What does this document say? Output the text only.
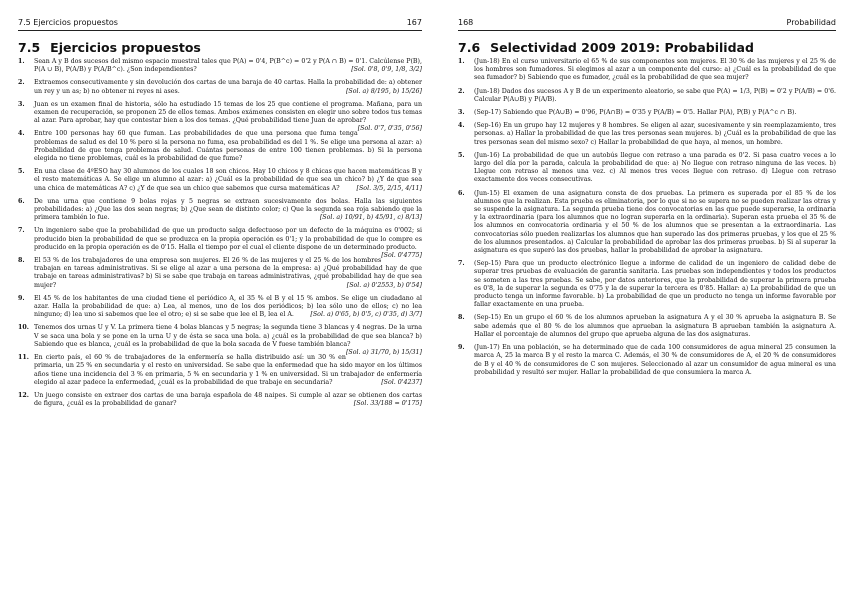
7.5 Ejercicios propuestos	167
7.5 Ejercicios propuestos
1. Sean A y B dos sucesos del mismo espacio muestral tales que P(A) = 0'4, P(B^c) = 0'2 y P(A ∩ B) = 0'1. Calcúlense P(B), P(A ∪ B), P(A/B) y P(A/B^c). ¿Son independientes?	[Sol. 0'8, 0'9, 1/8, 3/2]
2. Extraemos consecutivamente y sin devolución dos cartas de una baraja de 40 cartas. Halla la probabilidad de: a) obtener un rey y un as; b) no obtener ni reyes ni ases.	[Sol. a) 8/195, b) 15/26]
3. Juan es un examen final de historia, sólo ha estudiado 15 temas de los 25 que contiene el programa. Mañana, para un examen de recuperación, se proponen 25 de ellos temas. Ambos exámenes consisten en elegir uno sobre todos tus temas al azar. Para aprobar, hay que contestar bien a los dos temas. ¿Qué probabilidad tiene Juan de aprobar?
[Sol. 0'7, 0'35, 0'56]
4. Entre 100 personas hay 60 que fuman. Las probabilidades de que una persona que fuma tenga problemas de salud es del 10 % pero si la persona no fuma, esa probabilidad es del 1 %. Se elige una persona al azar: a) Probabilidad de que tenga problemas de salud. Cuántas personas de entre 100 tienen problemas. b) Si la persona elegida no tiene problemas, cuál es la probabilidad de que fume?
5. En una clase de 4ºESO hay 30 alumnos de los cuales 18 son chicos. Hay 10 chicos y 8 chicas que hacen matemáticas B y el resto matemáticas A. Se elige un alumno al azar: a) ¿Cuál es la probabilidad de que sea un chico? b) ¿Y de que sea una chica de matemáticas A? c) ¿Y de que sea un chico que sabemos que cursa matemáticas A?	[Sol. 3/5, 2/15, 4/11]
6. De una urna que contiene 9 bolas rojas y 5 negras se extraen sucesivamente dos bolas. Halla las siguientes probabilidades: a) ¿Que las dos sean negras; b) ¿Que sean de distinto color; c) Que la segunda sea roja sabiendo que la primera también lo fue.	[Sol. a) 10/91, b) 45/91, c) 8/13]
7. Un ingeniero sabe que la probabilidad de que un producto salga defectuoso por un defecto de la máquina es 0'002; si producido bien la probabilidad de que se produzca en la propia operación es 0'1; y la probabilidad de que lo compre es producido en la propia operación es de 0'15. Halla el tiempo por el cual el cliente dispone de un determinado producto.
[Sol. 0'4775]
8. El 53 % de los trabajadores de una empresa son mujeres. El 26 % de las mujeres y el 25 % de los hombres trabajan en tareas administrativas. Si se elige al azar a una persona de la empresa: a) ¿Qué probabilidad hay de que trabaje en tareas administrativas? b) Si se sabe que trabaja en tareas administrativas, ¿qué probabilidad hay de que sea mujer?	[Sol. a) 0'2553, b) 0'54]
9. El 45 % de los habitantes de una ciudad tiene el periódico A, el 35 % el B y el 15 % ambos. Se elige un ciudadano al azar. Halla la probabilidad de que: a) Lea, al menos, uno de los dos periódicos; b) lea sólo uno de ellos; c) no lea ninguno; d) lea uno si sabemos que lee el otro; e) si se sabe que lee el B, lea el A.	[Sol. a) 0'65, b) 0'5, c) 0'35, d) 3/7]
10. Tenemos dos urnas U y V. La primera tiene 4 bolas blancas y 5 negras; la segunda tiene 3 blancas y 4 negras. De la urna V se saca una bola y se pone en la urna U y de ésta se saca una bola. a) ¿cuál es la probabilidad de que sea blanca? b) Sabiendo que es blanca, ¿cuál es la probabilidad de que la bola sacada de V fuese también blanca?
[Sol. a) 31/70, b) 15/31]
11. En cierto país, el 60 % de trabajadores de la enfermería se halla distribuido así: un 30 % en primaria, un 25 % en secundaria y el resto en universidad. Se sabe que la enfermedad que ha sido mayor en los últimos años tiene una incidencia del 3 % en primaria, 5 % en secundaria y 1 % en universidad. Si un trabajador de enfermería elegido al azar padece la enfermedad, ¿cuál es la probabilidad de que trabaje en secundaria?	[Sol. 0'4237]
12. Un juego consiste en extraer dos cartas de una baraja española de 48 naipes. Si cumple al azar se obtienen dos cartas de figura, ¿cuál es la probabilidad de ganar?	[Sol. 33/188 = 0'175]
168	Probabilidad
7.6 Selectividad 2009 2019: Probabilidad
1. (Jun-18) En el curso universitario el 65 % de sus componentes son mujeres. El 30 % de las mujeres y el 25 % de los hombres son fumadores. Si elegimos al azar a un componente del curso: a) ¿Cuál es la probabilidad de que sea fumador? b) Sabiendo que es fumador, ¿cuál es la probabilidad de que sea mujer?
2. (Jun-18) Dados dos sucesos A y B de un experimento aleatorio, se sabe que P(A) = 1/3, P(B) = 0'2 y P(A/B) = 0'6. Calcular P(A∪B) y P(A/B).
3. (Sep-17) Sabiendo que P(A∪B) = 0'96, P(A∩B) = 0'35 y P(A/B) = 0'5. Hallar P(A), P(B) y P(A^c ∩ B).
4. (Sep-16) En un grupo hay 12 mujeres y 8 hombres. Se eligen al azar, sucesivamente y sin reemplazamiento, tres personas. a) Hallar la probabilidad de que las tres personas sean mujeres. b) ¿Cuál es la probabilidad de que las tres personas sean del mismo sexo? c) Hallar la probabilidad de que haya, al menos, un hombre.
5. (Jun-16) La probabilidad de que un autobús llegue con retraso a una parada es 0'2. Si pasa cuatro veces a lo largo del día por la parada, calcula la probabilidad de que: a) No llegue con retraso ninguna de las veces. b) Llegue con retraso al menos una vez. c) Al menos tres veces llegue con retraso. d) Llegue con retraso exactamente dos veces consecutivas.
6. (Jun-15) El examen de una asignatura consta de dos pruebas. La primera es superada por el 85 % de los alumnos que la realizan. Esta prueba es eliminatoria, por lo que si no se supera no se pueden realizar las otras y se suspende la asignatura. La segunda prueba tiene dos convocatorias en las que puede superarse, la ordinaria y la extraordinaria (para los alumnos que no logran superarla en la ordinaria). Superan esta prueba el 35 % de los alumnos en convocatoria ordinaria y el 50 % de los alumnos que se presentan a la extraordinaria. Las convocatorias sólo pueden realizarlas los alumnos que han superado las dos primeras pruebas, y los que el 25 % de los alumnos presentados. a) Calcular la probabilidad de aprobar las dos primeras pruebas. b) Si al superar la asignatura es que superó las dos pruebas, hallar la probabilidad de aprobar la asignatura.
7. (Sep-15) Para que un producto electrónico llegue a informe de calidad de un ingeniero de calidad debe de superar tres pruebas de evaluación de garantía sanitaria. Las pruebas son independientes y todos los productos se someten a las tres pruebas. Se sabe, por datos anteriores, que la probabilidad de superar la primera prueba es 0'8, la de superar la segunda es 0'75 y la de superar la tercera es 0'85. Hallar: a) La probabilidad de que un producto tenga un informe favorable. b) La probabilidad de que un producto no tenga un informe favorable por fallar exactamente en una prueba.
8. (Sep-15) En un grupo el 60 % de los alumnos aprueban la asignatura A y el 30 % aprueba la asignatura B. Se sabe además que el 80 % de los alumnos que aprueban la asignatura B aprueban también la asignatura A. Hallar el porcentaje de alumnos del grupo que aprueba alguna de las dos asignaturas.
9. (Jun-17) En una población, se ha determinado que de cada 100 consumidores de agua mineral 25 consumen la marca A, 25 la marca B y el resto la marca C. Además, el 30 % de consumidores de A, el 20 % de consumidores de B y el 40 % de consumidores de C son mujeres. Seleccionado al azar un consumidor de agua mineral es una probabilidad y resultó ser mujer. Hallar la probabilidad de que consumiera la marca A.
